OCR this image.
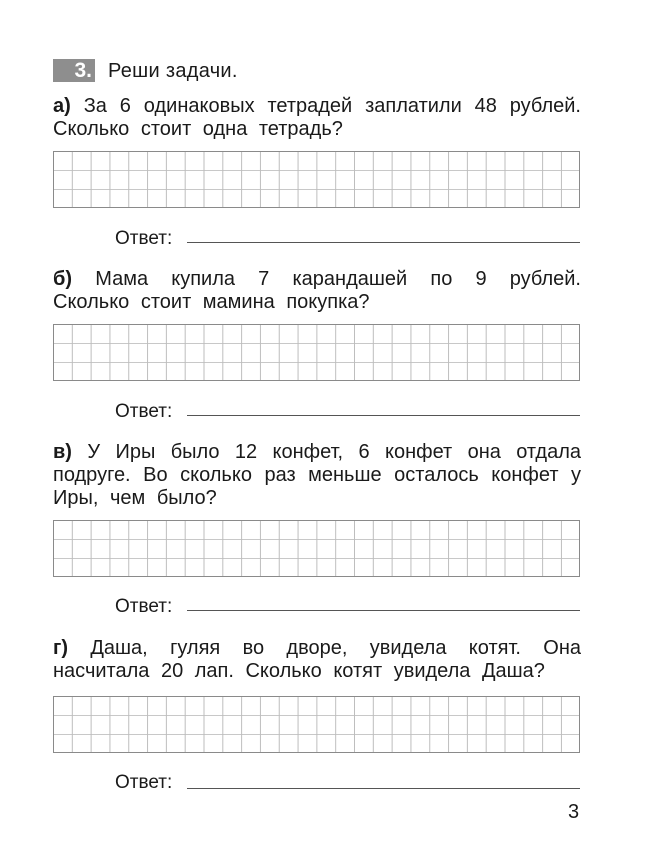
3. Реши задачи.
а) За 6 одинаковых тетрадей заплатили 48 рублей. Сколько стоит одна тетрадь?
Ответ:
б) Мама купила 7 карандашей по 9 рублей. Сколько стоит мамина покупка?
Ответ:
в) У Иры было 12 конфет, 6 конфет она отдала подруге. Во сколько раз меньше осталось конфет у Иры, чем было?
Ответ:
г) Даша, гуляя во дворе, увидела котят. Она насчитала 20 лап. Сколько котят увидела Даша?
Ответ:
3
